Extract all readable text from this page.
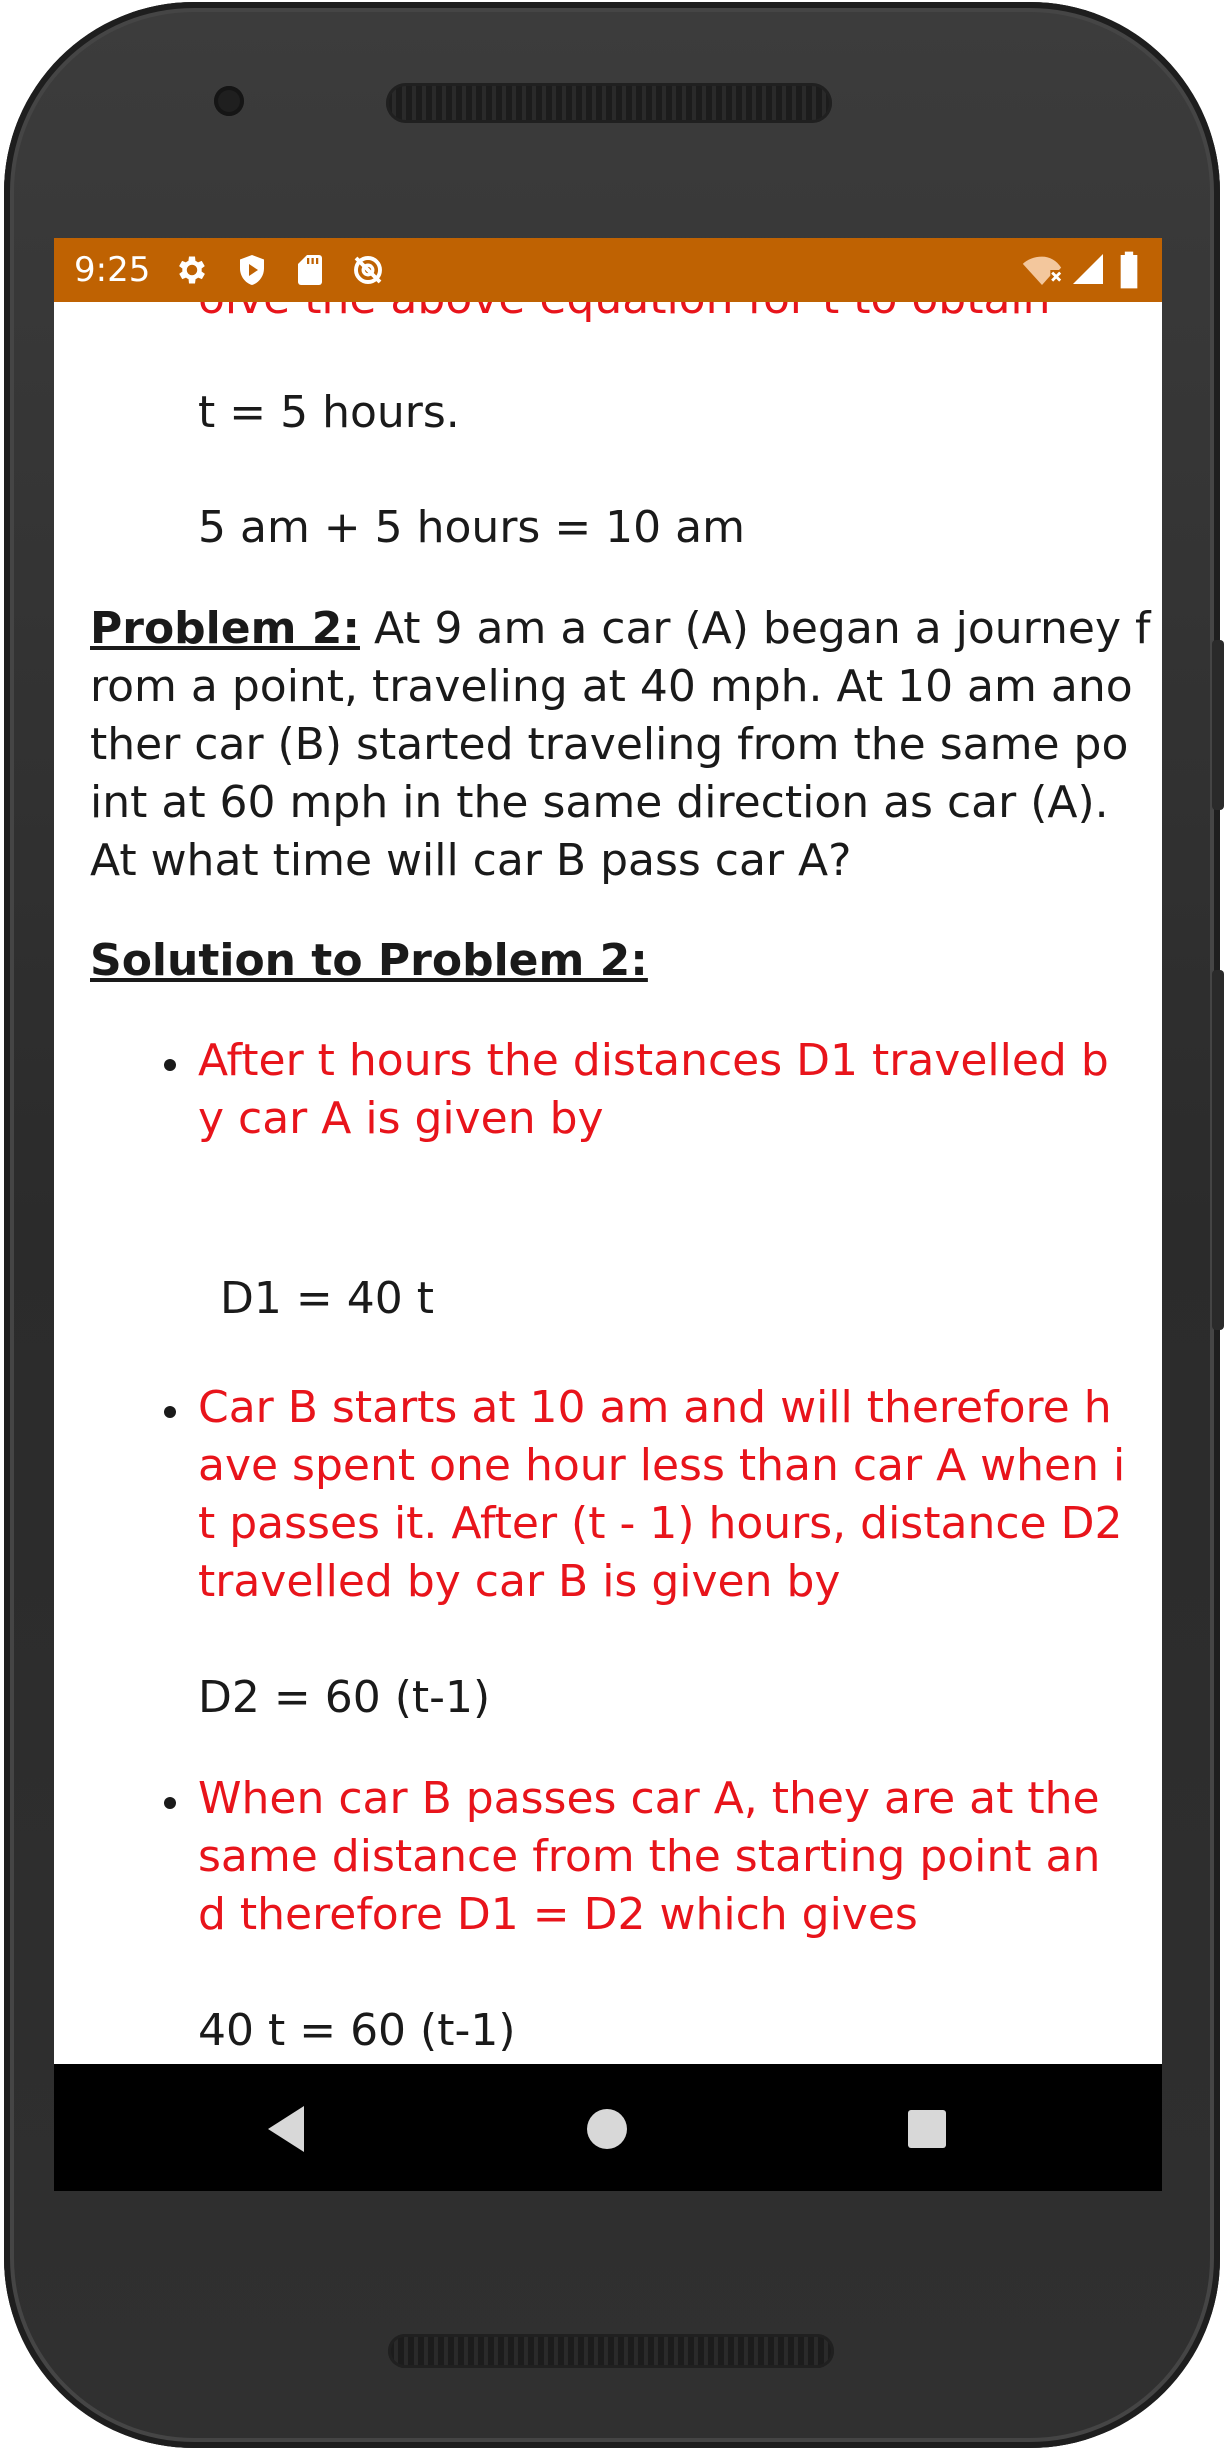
9:25
t = 5 hours.
5 am + 5 hours = 10 am
Problem 2: At 9 am a car (A) began a journey f
rom a point, traveling at 40 mph. At 10 am ano
ther car (B) started traveling from the same po
int at 60 mph in the same direction as car (A).
At what time will car B pass car A?
Solution to Problem 2:
After t hours the distances D1 travelled b
y car A is given by
D1 = 40 t
Car B starts at 10 am and will therefore h
ave spent one hour less than car A when i
t passes it. After (t - 1) hours, distance D2
travelled by car B is given by
D2 = 60 (t-1)
When car B passes car A, they are at the
same distance from the starting point an
d therefore D1 = D2 which gives
40 t = 60 (t-1)
